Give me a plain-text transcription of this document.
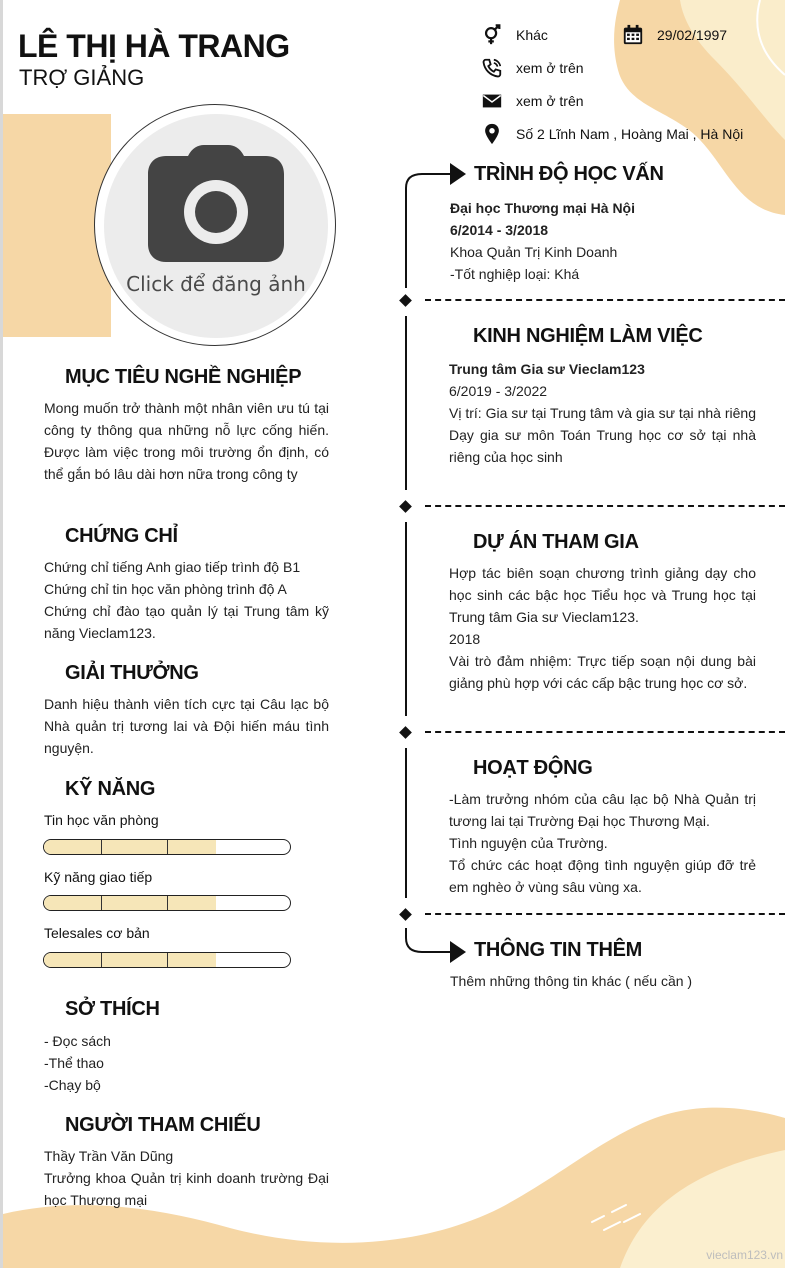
LÊ THỊ HÀ TRANG
TRỢ GIẢNG
Khác	29/02/1997
xem ở trên
xem ở trên
Số 2 Lĩnh Nam , Hoàng Mai , Hà Nội
Click để đăng ảnh
MỤC TIÊU NGHỀ NGHIỆP
Mong muốn trở thành một nhân viên ưu tú tại công ty thông qua những nỗ lực cống hiến. Được làm việc trong môi trường ổn định, có thể gắn bó lâu dài hơn nữa trong công ty
CHỨNG CHỈ
Chứng chỉ tiếng Anh giao tiếp trình độ B1
Chứng chỉ tin học văn phòng trình độ A
Chứng chỉ đào tạo quản lý tại Trung tâm kỹ năng Vieclam123.
GIẢI THƯỞNG
Danh hiệu thành viên tích cực tại Câu lạc bộ Nhà quản trị tương lai và Đội hiến máu tình nguyện.
KỸ NĂNG
Tin học văn phòng
Kỹ năng giao tiếp
Telesales cơ bản
SỞ THÍCH
- Đọc sách
-Thể thao
-Chạy bộ
NGƯỜI THAM CHIẾU
Thầy Trần Văn Dũng
Trưởng khoa Quản trị kinh doanh trường Đại học Thương mại
TRÌNH ĐỘ HỌC VẤN
Đại học Thương mại Hà Nội
6/2014 - 3/2018
Khoa Quản Trị Kinh Doanh
-Tốt nghiệp loại: Khá
KINH NGHIỆM LÀM VIỆC
Trung tâm Gia sư Vieclam123
6/2019 - 3/2022
Vị trí: Gia sư tại Trung tâm và gia sư tại nhà riêng Dạy gia sư môn Toán Trung học cơ sở tại nhà riêng của học sinh
DỰ ÁN THAM GIA
Hợp tác biên soạn chương trình giảng dạy cho học sinh các bậc học Tiểu học và Trung học tại Trung tâm Gia sư Vieclam123.
2018
Vài trò đảm nhiệm: Trực tiếp soạn nội dung bài giảng phù hợp với các cấp bậc trung học cơ sở.
HOẠT ĐỘNG
-Làm trưởng nhóm của câu lạc bộ Nhà Quản trị tương lai tại Trường Đại học Thương Mại.
Tình nguyện của Trường.
Tổ chức các hoạt động tình nguyện giúp đỡ trẻ em nghèo ở vùng sâu vùng xa.
THÔNG TIN THÊM
Thêm những thông tin khác ( nếu cần )
vieclam123.vn
